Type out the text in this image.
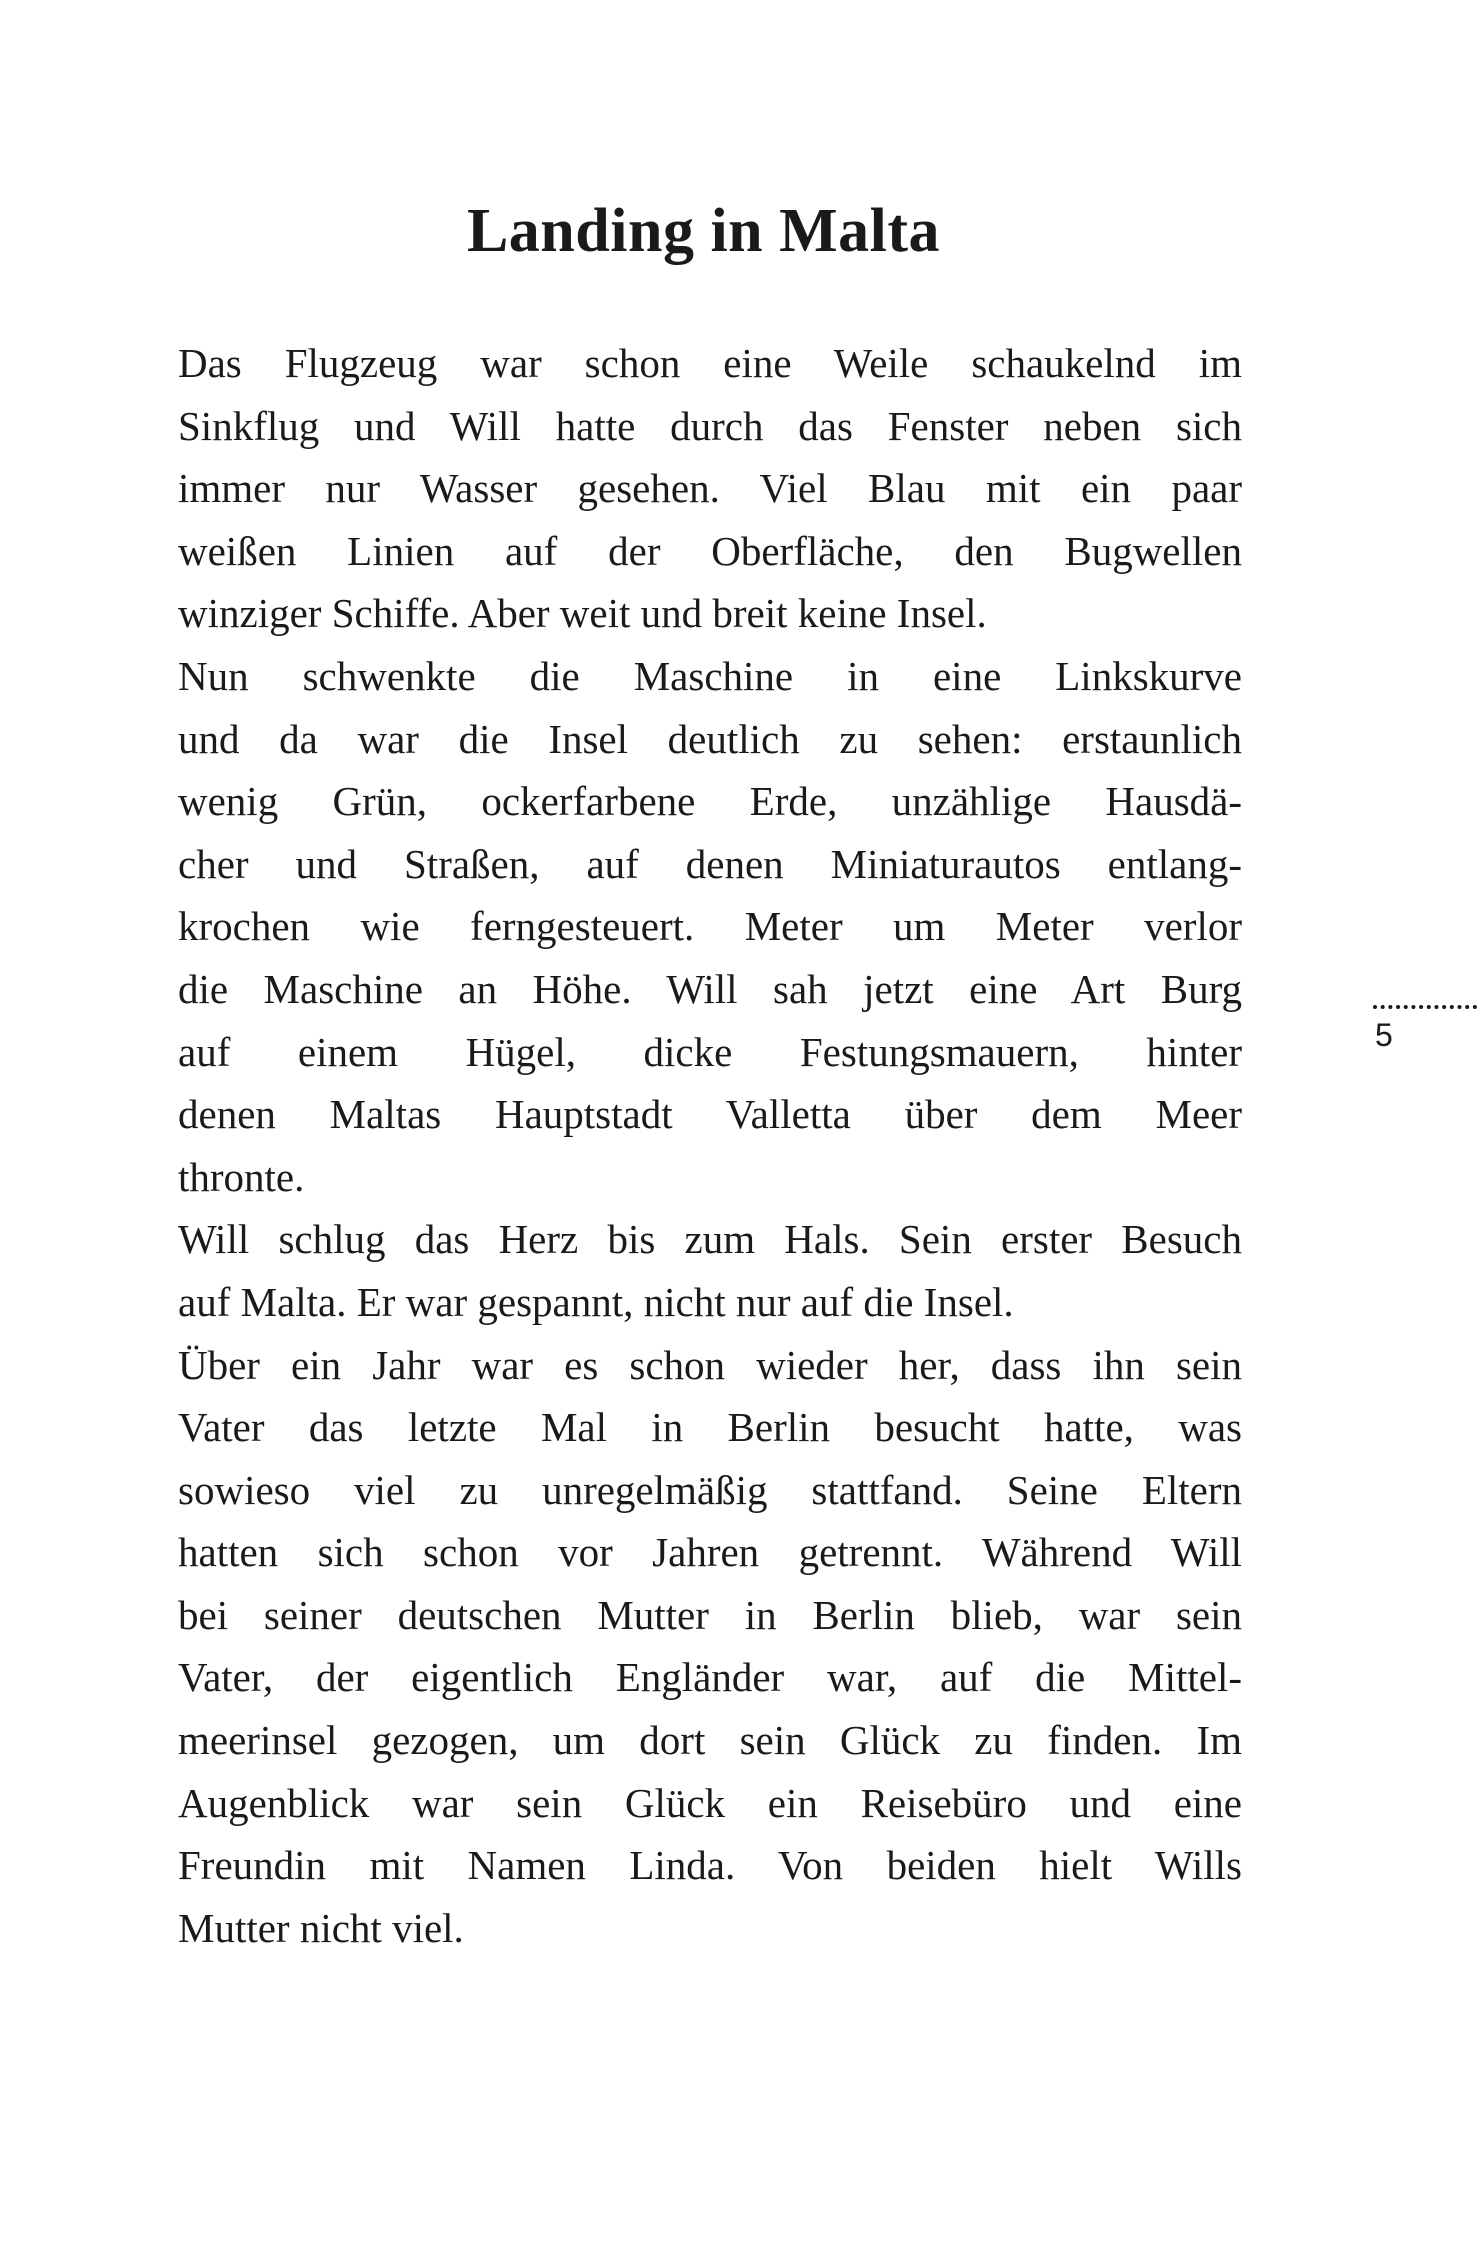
Landing in Malta
Das Flugzeug war schon eine Weile schaukelnd im
Sinkflug und Will hatte durch das Fenster neben sich
immer nur Wasser gesehen. Viel Blau mit ein paar
weißen Linien auf der Oberfläche, den Bugwellen
winziger Schiffe. Aber weit und breit keine Insel.
Nun schwenkte die Maschine in eine Linkskurve
und da war die Insel deutlich zu sehen: erstaunlich
wenig Grün, ockerfarbene Erde, unzählige Hausdä-
cher und Straßen, auf denen Miniaturautos entlang-
krochen wie ferngesteuert. Meter um Meter verlor
die Maschine an Höhe. Will sah jetzt eine Art Burg
auf einem Hügel, dicke Festungsmauern, hinter
denen Maltas Hauptstadt Valletta über dem Meer
thronte.
Will schlug das Herz bis zum Hals. Sein erster Besuch
auf Malta. Er war gespannt, nicht nur auf die Insel.
Über ein Jahr war es schon wieder her, dass ihn sein
Vater das letzte Mal in Berlin besucht hatte, was
sowieso viel zu unregelmäßig stattfand. Seine Eltern
hatten sich schon vor Jahren getrennt. Während Will
bei seiner deutschen Mutter in Berlin blieb, war sein
Vater, der eigentlich Engländer war, auf die Mittel-
meerinsel gezogen, um dort sein Glück zu finden. Im
Augenblick war sein Glück ein Reisebüro und eine
Freundin mit Namen Linda. Von beiden hielt Wills
Mutter nicht viel.
5
